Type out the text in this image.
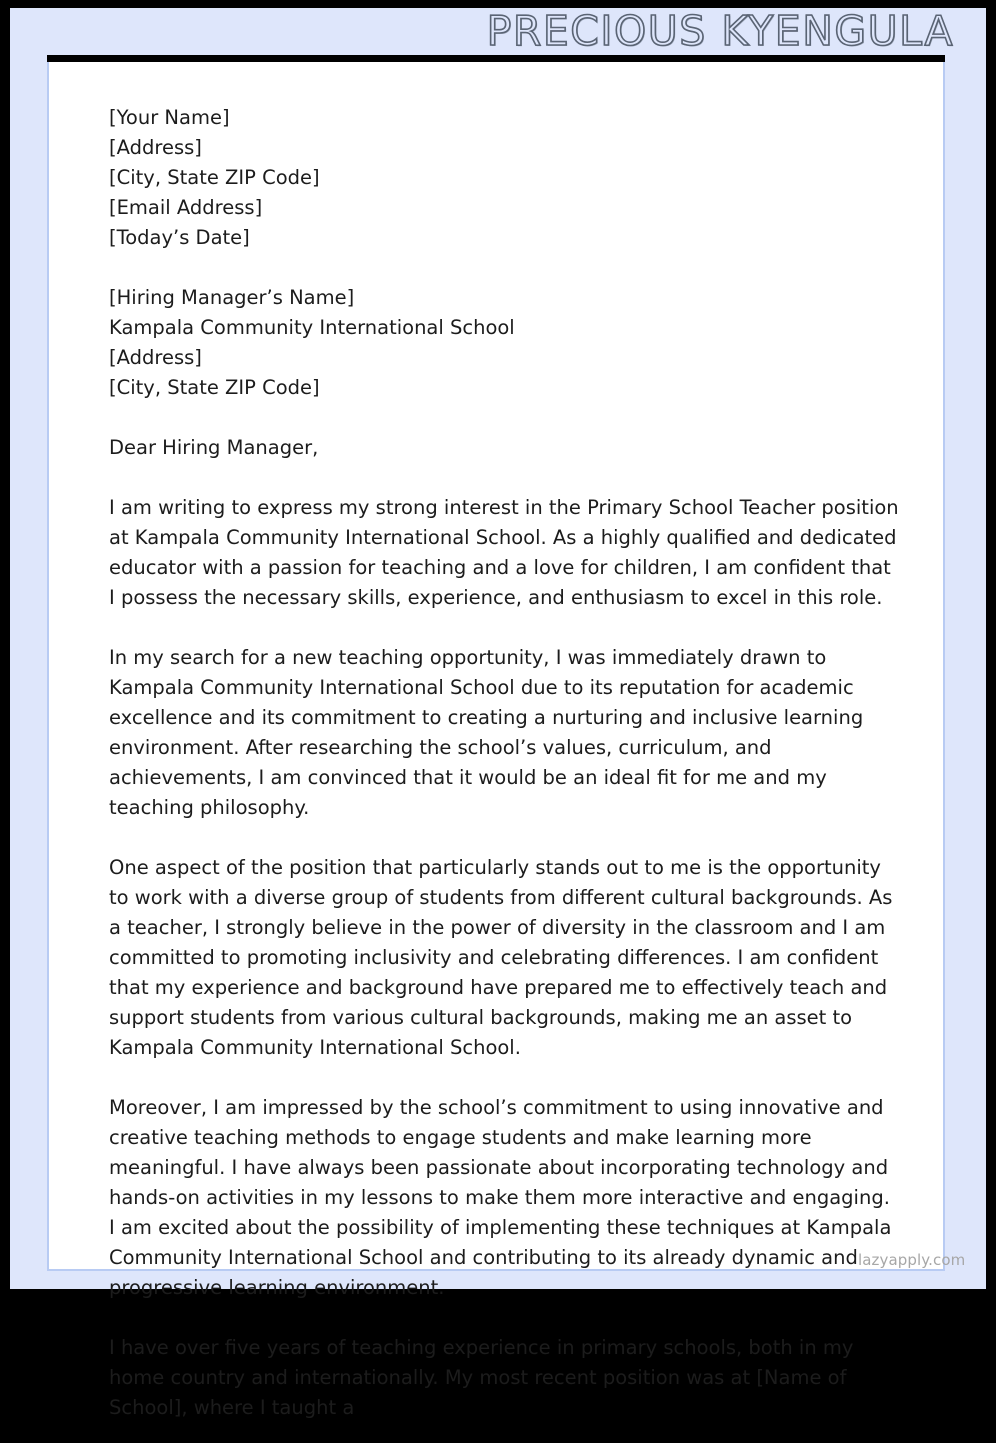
PRECIOUS KYENGULA
[Your Name]
[Address]
[City, State ZIP Code]
[Email Address]
[Today’s Date]
[Hiring Manager’s Name]
Kampala Community International School
[Address]
[City, State ZIP Code]
Dear Hiring Manager,

I am writing to express my strong interest in the Primary School Teacher position at Kampala Community International School. As a highly qualified and dedicated educator with a passion for teaching and a love for children, I am confident that I possess the necessary skills, experience, and enthusiasm to excel in this role.

In my search for a new teaching opportunity, I was immediately drawn to Kampala Community International School due to its reputation for academic excellence and its commitment to creating a nurturing and inclusive learning environment. After researching the school’s values, curriculum, and achievements, I am convinced that it would be an ideal fit for me and my teaching philosophy.

One aspect of the position that particularly stands out to me is the opportunity to work with a diverse group of students from different cultural backgrounds. As a teacher, I strongly believe in the power of diversity in the classroom and I am committed to promoting inclusivity and celebrating differences. I am confident that my experience and background have prepared me to effectively teach and support students from various cultural backgrounds, making me an asset to Kampala Community International School.

Moreover, I am impressed by the school’s commitment to using innovative and creative teaching methods to engage students and make learning more meaningful. I have always been passionate about incorporating technology and hands-on activities in my lessons to make them more interactive and engaging. I am excited about the possibility of implementing these techniques at Kampala Community International School and contributing to its already dynamic and progressive learning environment.

I have over five years of teaching experience in primary schools, both in my home country and internationally. My most recent position was at [Name of School], where I taught a

lazyapply.com
